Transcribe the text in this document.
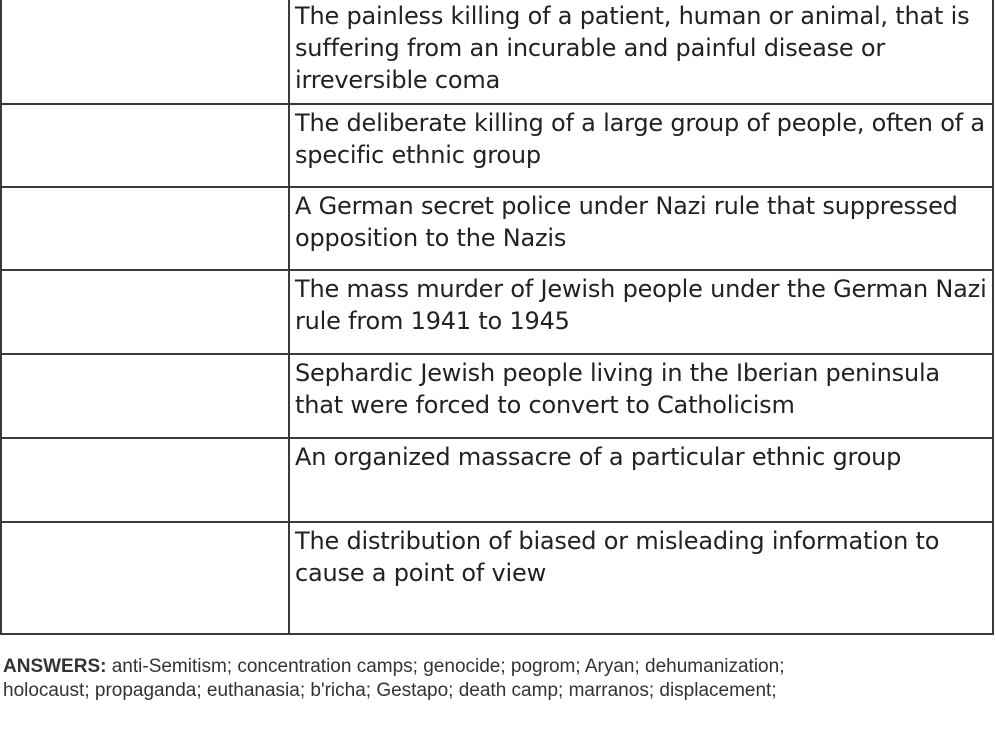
	The painless killing of a patient, human or animal, that is suffering from an incurable and painful disease or irreversible coma
	The deliberate killing of a large group of people, often of a specific ethnic group
	A German secret police under Nazi rule that suppressed opposition to the Nazis
	The mass murder of Jewish people under the German Nazi rule from 1941 to 1945
	Sephardic Jewish people living in the Iberian peninsula that were forced to convert to Catholicism
	An organized massacre of a particular ethnic group
	The distribution of biased or misleading information to cause a point of view
ANSWERS: anti-Semitism; concentration camps; genocide; pogrom; Aryan; dehumanization;
holocaust; propaganda; euthanasia; b'richa; Gestapo; death camp; marranos; displacement;
